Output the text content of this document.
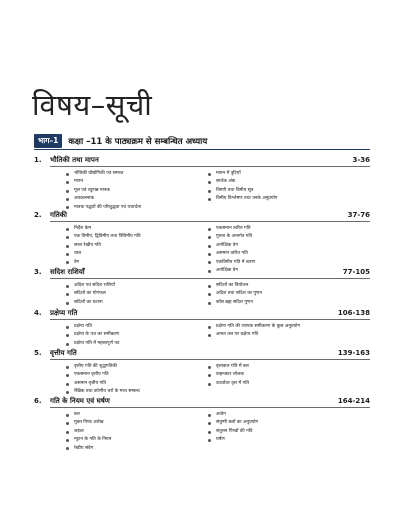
विषय–सूची
भाग–1	कक्षा –11 के पाठ्यक्रम से सम्बन्धित अध्याय
1. भौतिकी तथा मापन	3-36
भौतिकी प्रौद्योगिकी एवं समाज
मापन
मूल एवं व्युत्पन्न मात्रक
अवकलनांक
मात्रक पद्धतों की परिशुद्धता एवं यथार्थता
मापन में त्रुटियाँ
सार्थक अंक
विमाएँ तथा विमीय सूत्र
विमीय विश्लेषण तथा उनके अनुप्रयोग
2. गतिकी	37-76
निर्देश फ्रेम
एक विमीय, द्विविमीय तथा त्रिविमीय गति
सरल रेखीय गति
चाल
वेग
एकसमान त्वरित गति
गुरुत्व के अन्तर्गत गति
आपेक्षिक वेग
असमान त्वरित गति
एकविमीय गति में त्वरण
आपेक्षिक वेग
3. सदिश राशियाँ	77-105
अदिश एवं सदिश राशियाँ
सदिशों का योगफल
सदिशों का घटाना
सदिशों का वियोजन
अदिश तथा सदिश का गुणन
कॉस ब्रह्म सदिश गुणन
4. प्रक्षेप्य गति	106-138
प्रक्षेप्य गति
प्रक्षेप्य के पथ का समीकरण
प्रक्षेप्य गति में महत्त्वपूर्ण पद
प्रक्षेप्य गति की व्यापक समीकरण के कुछ अनुप्रयोग
आनत तल पर प्रक्षेप्य गति
5. वृत्तीय गति	139-163
वृत्तीय गति की शुद्धगतिकी
एकसमान वृत्तीय गति
असमान वृत्तीय गति
रेखिक तथा कोणीय चरों के मध्य सम्बन्ध
वृत्ताकार गति में बल
वाहनकार लोलक
ऊर्ध्वाधर वृत्त में गति
6. गति के नियम एवं घर्षण	164-214
बल
मुक्त पिण्ड आरेख
जड़त्व
न्यूटन के गति के नियम
रेखीय संवेग
आवेग
संयुग्मी बलों का अनुप्रयोग
संतुलन पिण्डों की गति
घर्षण
